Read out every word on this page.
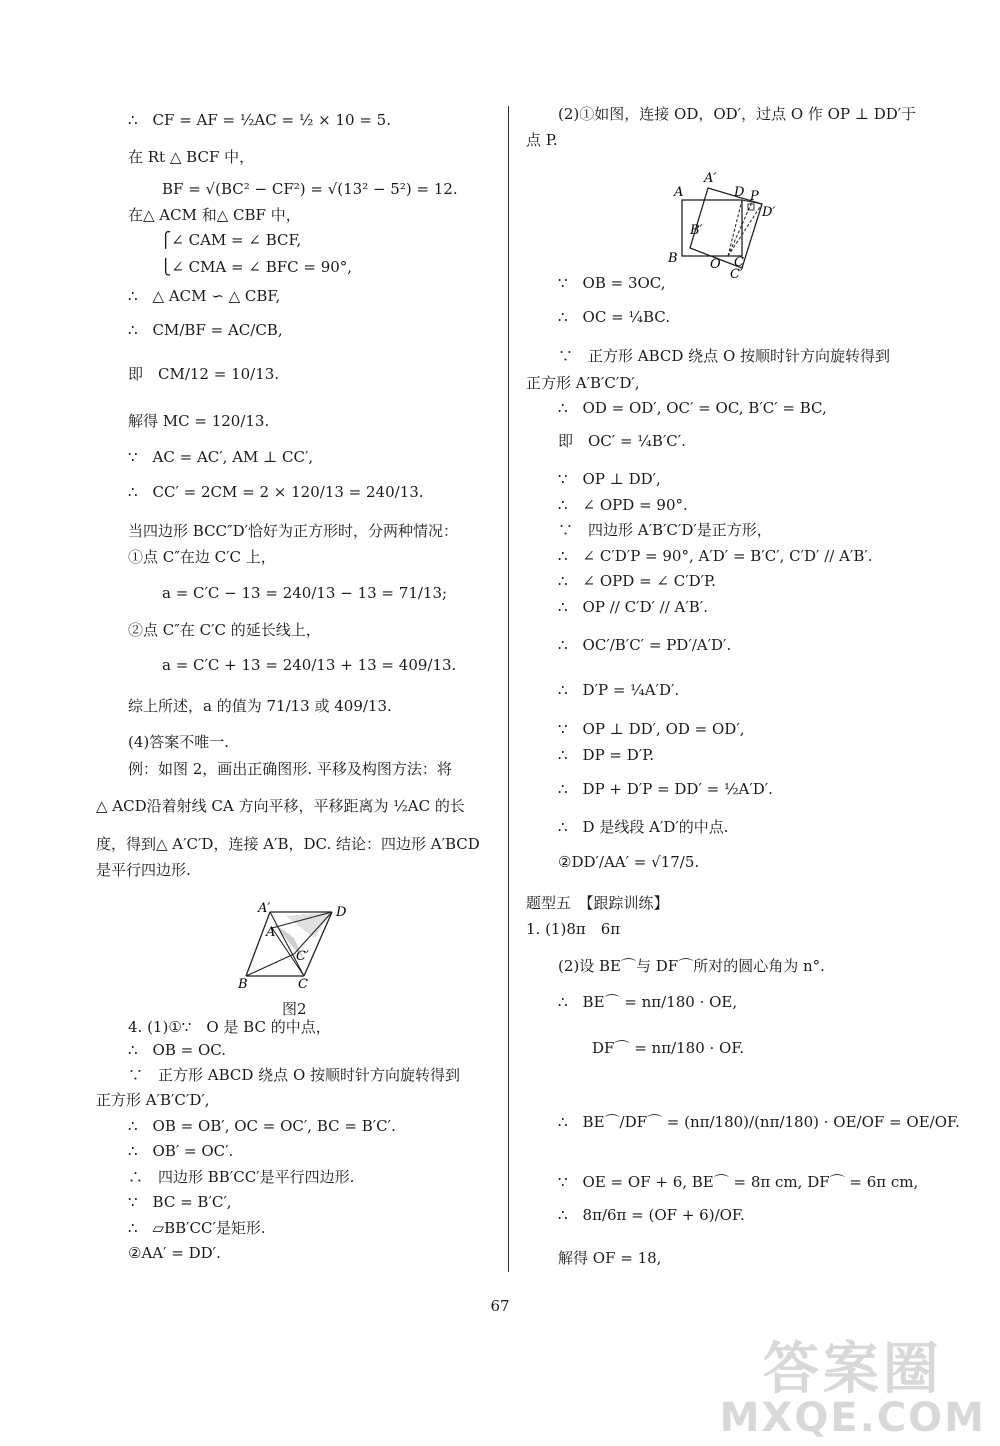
∴　CF = AF = ½AC = ½ × 10 = 5.
在 Rt △ BCF 中，
BF = √(BC² − CF²) = √(13² − 5²) = 12.
在△ ACM 和△ CBF 中，
⎧∠ CAM = ∠ BCF,
⎩∠ CMA = ∠ BFC = 90°,
∴　△ ACM ∽ △ CBF,
∴　CM/BF = AC/CB,
即　CM/12 = 10/13.
解得 MC = 120/13.
∵　AC = AC′, AM ⊥ CC′,
∴　CC′ = 2CM = 2 × 120/13 = 240/13.
当四边形 BCC″D′恰好为正方形时，分两种情况：
①点 C″在边 C′C 上，
a = C′C − 13 = 240/13 − 13 = 71/13;
②点 C″在 C′C 的延长线上，
a = C′C + 13 = 240/13 + 13 = 409/13.
综上所述，a 的值为 71/13 或 409/13.
(4)答案不唯一.
例：如图 2，画出正确图形. 平移及构图方法：将
△ ACD沿着射线 CA 方向平移，平移距离为 ½AC 的长
度，得到△ A′C′D，连接 A′B，DC. 结论：四边形 A′BCD
是平行四边形.
4. (1)①∵　O 是 BC 的中点，
∴　OB = OC.
∵　正方形 ABCD 绕点 O 按顺时针方向旋转得到
正方形 A′B′C′D′,
∴　OB = OB′, OC = OC′, BC = B′C′.
∴　OB′ = OC′.
∴　四边形 BB′CC′是平行四边形.
∵　BC = B′C′,
∴　▱BB′CC′是矩形.
②AA′ = DD′.
(2)①如图，连接 OD，OD′，过点 O 作 OP ⊥ DD′于
点 P.
∵　OB = 3OC,
∴　OC = ¼BC.
∵　正方形 ABCD 绕点 O 按顺时针方向旋转得到
正方形 A′B′C′D′,
∴　OD = OD′, OC′ = OC, B′C′ = BC,
即　OC′ = ¼B′C′.
∵　OP ⊥ DD′,
∴　∠ OPD = 90°.
∵　四边形 A′B′C′D′是正方形，
∴　∠ C′D′P = 90°, A′D′ = B′C′, C′D′ // A′B′.
∴　∠ OPD = ∠ C′D′P.
∴　OP // C′D′ // A′B′.
∴　OC′/B′C′ = PD′/A′D′.
∴　D′P = ¼A′D′.
∵　OP ⊥ DD′, OD = OD′,
∴　DP = D′P.
∴　DP + D′P = DD′ = ½A′D′.
∴　D 是线段 A′D′的中点.
②DD′/AA′ = √17/5.
题型五　【跟踪训练】
1. (1)8π　6π
(2)设 BE⌒与 DF⌒所对的圆心角为 n°.
∴　BE⌒ = nπ/180 · OE,
DF⌒ = nπ/180 · OF.
∴　BE⌒/DF⌒ = (nπ/180)/(nπ/180) · OE/OF = OE/OF.
∵　OE = OF + 6, BE⌒ = 8π cm, DF⌒ = 6π cm,
∴　8π/6π = (OF + 6)/OF.
解得 OF = 18,
A′	D
A
C′
B	C
图2
A
A′
D P
D′
B′
B O C
C′
67
答案圈
MXQE.COM
